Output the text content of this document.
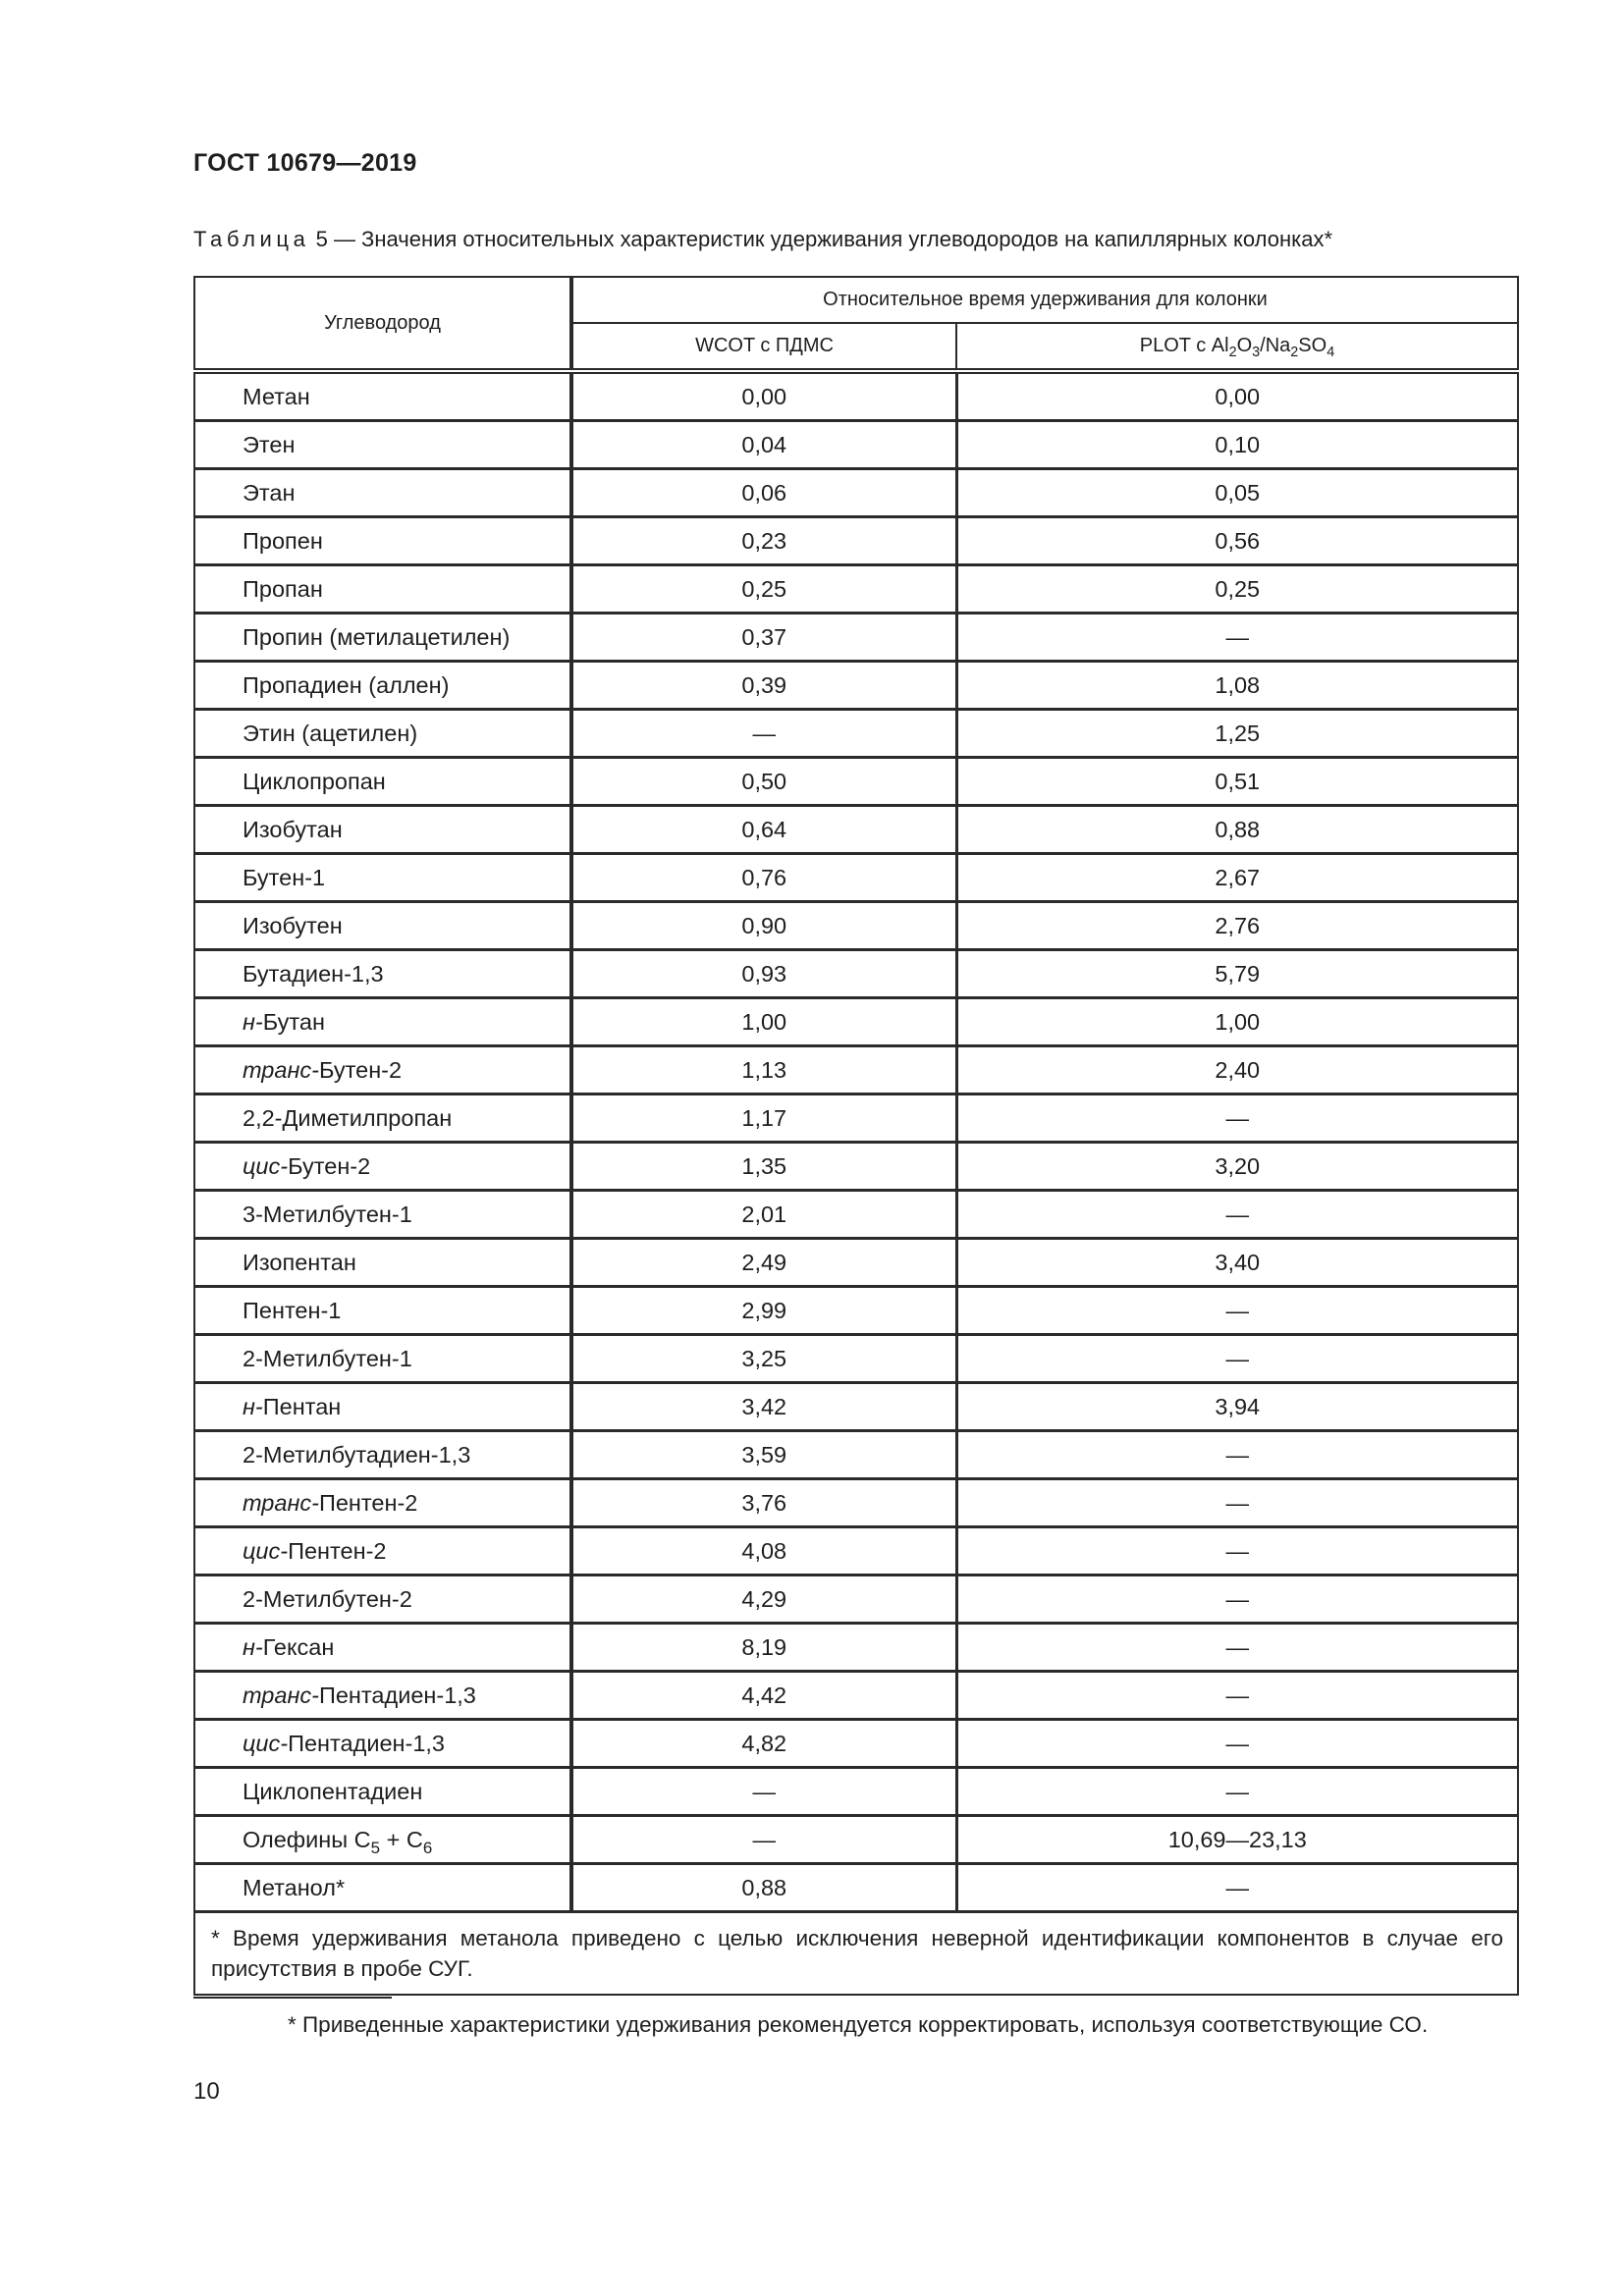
ГОСТ 10679—2019
Таблица 5 — Значения относительных характеристик удерживания углеводородов на капиллярных колонках*
Углеводород	Относительное время удерживания для колонки	
	WCOT с ПДМС	PLOT с $Al_2O_3/Na_2SO_4$
Метан	0,00	0,00
Этен	0,04	0,10
Этан	0,06	0,05
Пропен	0,23	0,56
Пропан	0,25	0,25
Пропин (метилацетилен)	0,37	—
Пропадиен (аллен)	0,39	1,08
Этин (ацетилен)	—	1,25
Циклопропан	0,50	0,51
Изобутан	0,64	0,88
Бутен-1	0,76	2,67
Изобутен	0,90	2,76
Бутадиен-1,3	0,93	5,79
н-Бутан	1,00	1,00
транс-Бутен-2	1,13	2,40
2,2-Диметилпропан	1,17	—
цис-Бутен-2	1,35	3,20
3-Метилбутен-1	2,01	—
Изопентан	2,49	3,40
Пентен-1	2,99	—
2-Метилбутен-1	3,25	—
н-Пентан	3,42	3,94
2-Метилбутадиен-1,3	3,59	—
транс-Пентен-2	3,76	—
цис-Пентен-2	4,08	—
2-Метилбутен-2	4,29	—
н-Гексан	8,19	—
транс-Пентадиен-1,3	4,42	—
цис-Пентадиен-1,3	4,82	—
Циклопентадиен	—	—
Олефины $C_5 + C_6$	—	10,69—23,13
Метанол*	0,88	—
* Время удерживания метанола приведено с целью исключения неверной идентификации компонентов в случае его присутствия в пробе СУГ.		
* Приведенные характеристики удерживания рекомендуется корректировать, используя соответствующие СО.
10
